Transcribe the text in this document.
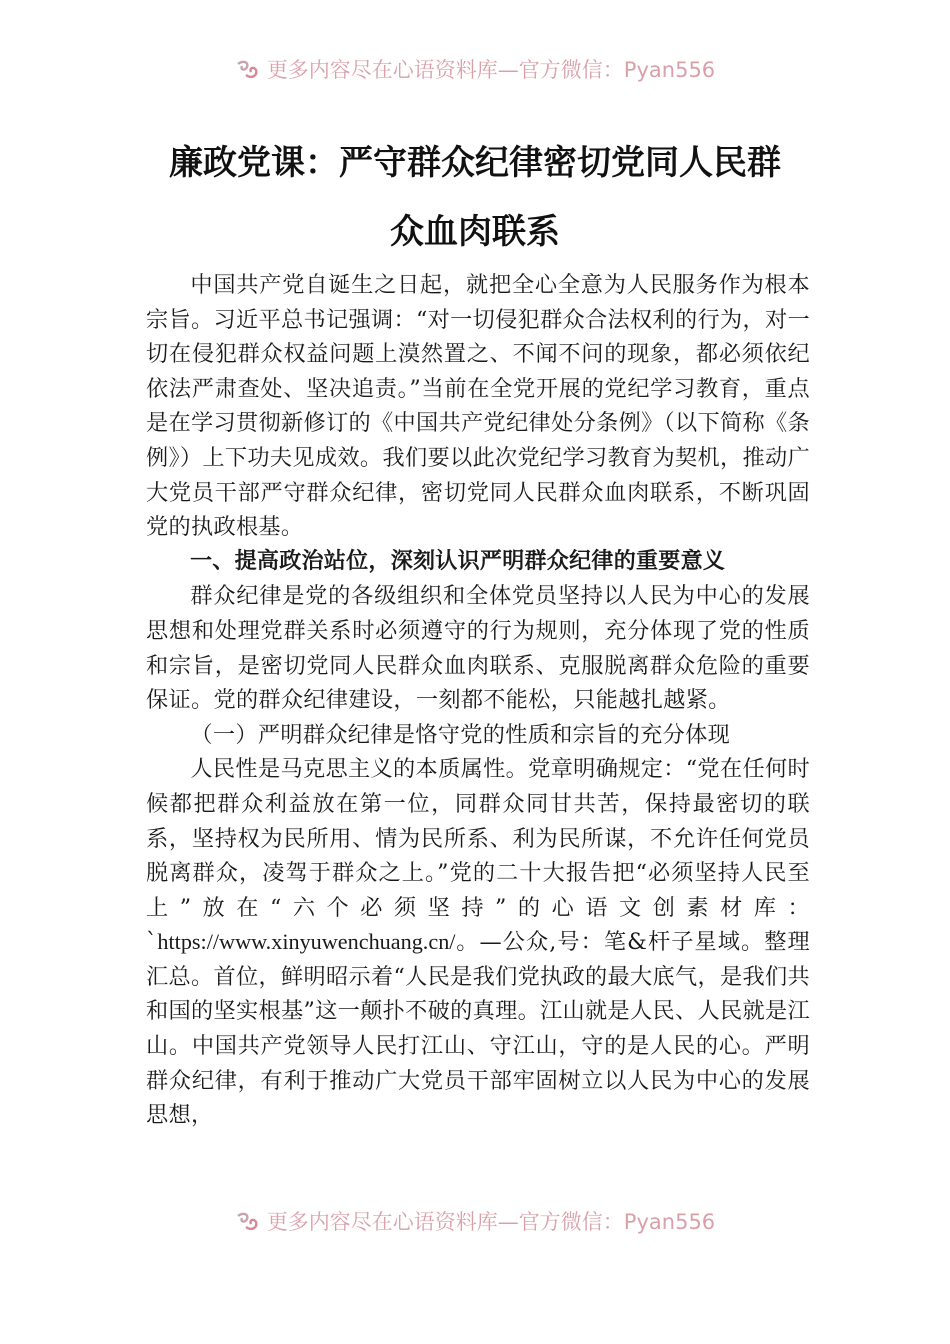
更多内容尽在心语资料库—官方微信：Pyan556
廉政党课：严守群众纪律密切党同人民群
众血肉联系

中国共产党自诞生之日起，就把全心全意为人民服务作为根本宗旨。习近平总书记强调：“对一切侵犯群众合法权利的行为，对一切在侵犯群众权益问题上漠然置之、不闻不问的现象，都必须依纪依法严肃查处、坚决追责。”当前在全党开展的党纪学习教育，重点是在学习贯彻新修订的《中国共产党纪律处分条例》（以下简称《条例》）上下功夫见成效。我们要以此次党纪学习教育为契机，推动广大党员干部严守群众纪律，密切党同人民群众血肉联系，不断巩固党的执政根基。

一、提高政治站位，深刻认识严明群众纪律的重要意义

群众纪律是党的各级组织和全体党员坚持以人民为中心的发展思想和处理党群关系时必须遵守的行为规则，充分体现了党的性质和宗旨，是密切党同人民群众血肉联系、克服脱离群众危险的重要保证。党的群众纪律建设，一刻都不能松，只能越扎越紧。

（一）严明群众纪律是恪守党的性质和宗旨的充分体现

人民性是马克思主义的本质属性。党章明确规定：“党在任何时候都把群众利益放在第一位，同群众同甘共苦，保持最密切的联系，坚持权为民所用、情为民所系、利为民所谋，不允许任何党员脱离群众，凌驾于群众之上。”党的二十大报告把“必须坚持人民至上”放在“六个必须坚持”的心语文创素材库：`https://www.xinyuwenchuang.cn/。—公众,号：笔&杆子星域。整理汇总。首位，鲜明昭示着“人民是我们党执政的最大底气，是我们共和国的坚实根基”这一颠扑不破的真理。江山就是人民、人民就是江山。中国共产党领导人民打江山、守江山，守的是人民的心。严明群众纪律，有利于推动广大党员干部牢固树立以人民为中心的发展思想，

更多内容尽在心语资料库—官方微信：Pyan556
